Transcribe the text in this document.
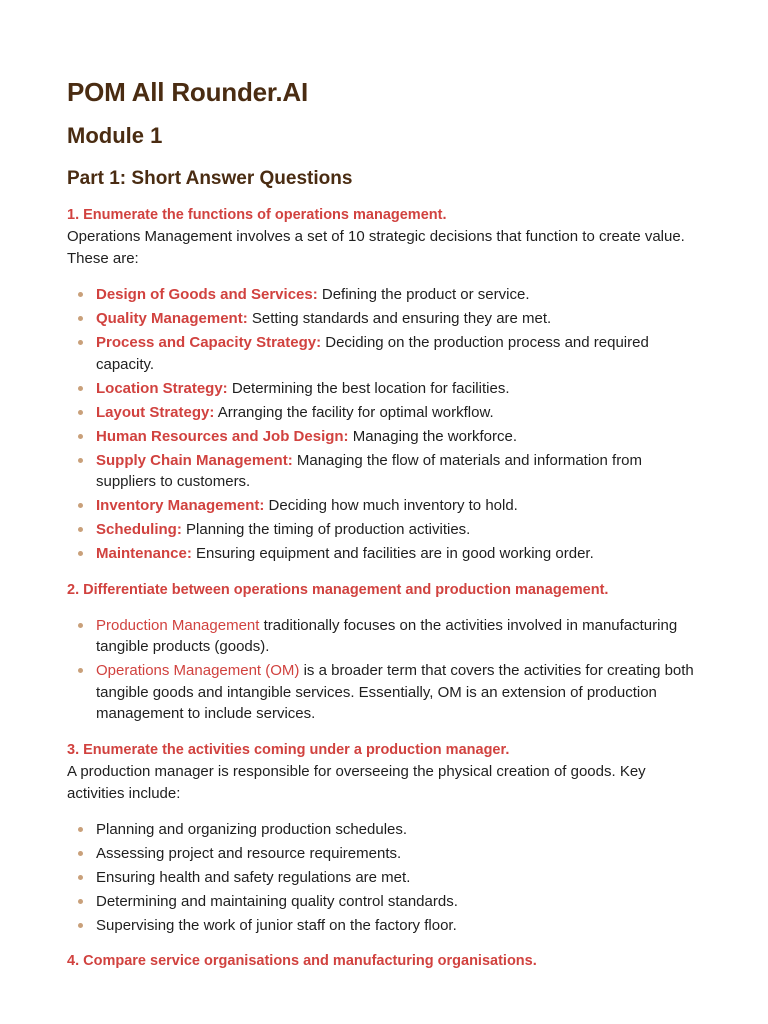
POM All Rounder.AI
Module 1
Part 1: Short Answer Questions

1. Enumerate the functions of operations management.

Operations Management involves a set of 10 strategic decisions that function to create value. These are:

Design of Goods and Services: Defining the product or service.
Quality Management: Setting standards and ensuring they are met.
Process and Capacity Strategy: Deciding on the production process and required capacity.
Location Strategy: Determining the best location for facilities.
Layout Strategy: Arranging the facility for optimal workflow.
Human Resources and Job Design: Managing the workforce.
Supply Chain Management: Managing the flow of materials and information from suppliers to customers.
Inventory Management: Deciding how much inventory to hold.
Scheduling: Planning the timing of production activities.
Maintenance: Ensuring equipment and facilities are in good working order.

2. Differentiate between operations management and production management.

Production Management traditionally focuses on the activities involved in manufacturing tangible products (goods).
Operations Management (OM) is a broader term that covers the activities for creating both tangible goods and intangible services. Essentially, OM is an extension of production management to include services.

3. Enumerate the activities coming under a production manager.

A production manager is responsible for overseeing the physical creation of goods. Key activities include:

Planning and organizing production schedules.
Assessing project and resource requirements.
Ensuring health and safety regulations are met.
Determining and maintaining quality control standards.
Supervising the work of junior staff on the factory floor.

4. Compare service organisations and manufacturing organisations.
